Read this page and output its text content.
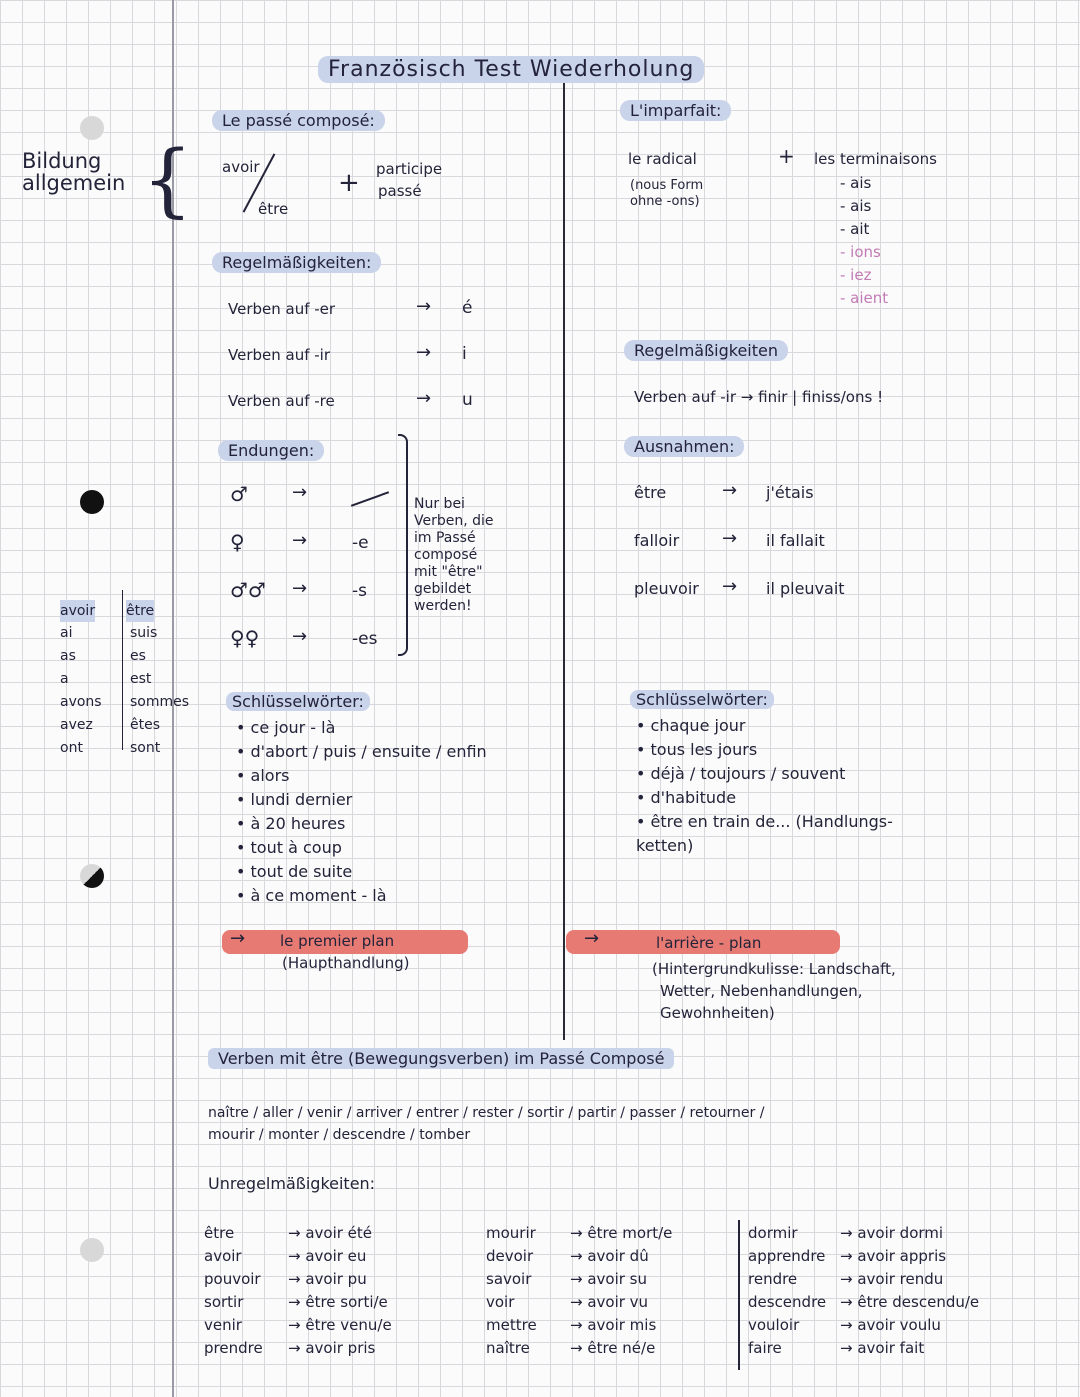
Französisch Test Wiederholung
Bildung
allgemein {
avoir être
ai	suis
as	es
a	est
avons sommes
avez	êtes
ont	sont
Le passé composé:
avoir
être
+ participe
passé
Regelmäßigkeiten:
Verben auf -er	→ é
Verben auf -ir	→ i
Verben auf -re	→ u
Endungen:
♂ →
♀	→	-e
♂♂ →	-s
♀♀ →	-es
Nur bei
Verben, die
im Passé
composé
mit "être"
gebildet
werden!
Schlüsselwörter:
• ce jour - là
• d'abort / puis / ensuite / enfin
• alors
• lundi dernier
• à 20 heures
• tout à coup
• tout de suite
• à ce moment - là
→ le premier plan
(Haupthandlung)
L'imparfait:
le radical	+ les terminaisons
(nous Form
ohne -ons)
- ais
- ais
- ait
- ions
- iez
- aient
Regelmäßigkeiten
Verben auf -ir → finir | finiss/ons !
Ausnahmen:
être	→ j'étais
falloir → il fallait
pleuvoir → il pleuvait
Schlüsselwörter:
• chaque jour
• tous les jours
• déjà / toujours / souvent
• d'habitude
• être en train de... (Handlungs-
ketten)
→	l'arrière - plan
(Hintergrundkulisse: Landschaft,
Wetter, Nebenhandlungen,
Gewohnheiten)
Verben mit être (Bewegungsverben) im Passé Composé
naître / aller / venir / arriver / entrer / rester / sortir / partir / passer / retourner /
mourir / monter / descendre / tomber
Unregelmäßigkeiten:
être	→ avoir été
avoir	→ avoir eu
pouvoir → avoir pu
sortir	→ être sorti/e
venir	→ être venu/e
prendre → avoir pris
mourir → être mort/e
devoir → avoir dû
savoir	→ avoir su
voir	→ avoir vu
mettre → avoir mis
naître	→ être né/e
dormir	→ avoir dormi
apprendre → avoir appris
rendre	→ avoir rendu
descendre → être descendu/e
vouloir	→ avoir voulu
faire	→ avoir fait
